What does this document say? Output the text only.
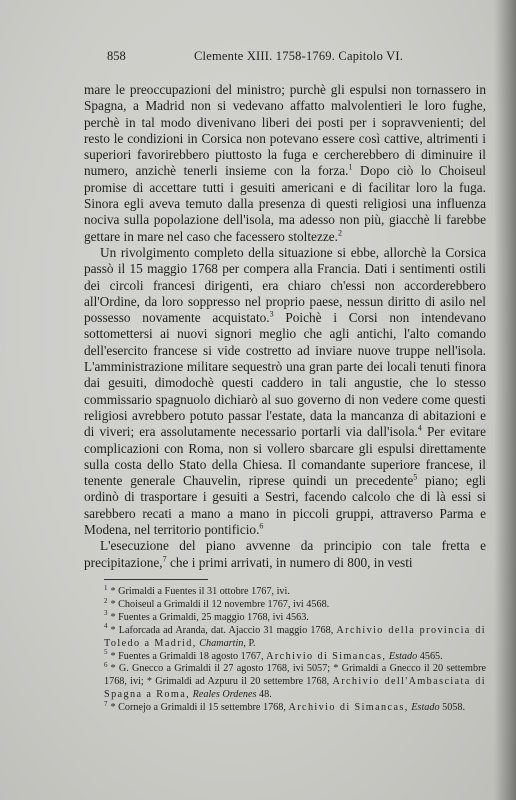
858	Clemente XIII. 1758-1769. Capitolo VI.

mare le preoccupazioni del ministro; purchè gli espulsi non tornassero in Spagna, a Madrid non si vedevano affatto malvolentieri le loro fughe, perchè in tal modo divenivano liberi dei posti per i sopravvenienti; del resto le condizioni in Corsica non potevano essere così cattive, altrimenti i superiori favorirebbero piuttosto la fuga e cercherebbero di diminuire il numero, anzichè tenerli insieme con la forza.$^1$ Dopo ciò lo Choiseul promise di accettare tutti i gesuiti americani e di facilitar loro la fuga. Sinora egli aveva temuto dalla presenza di questi religiosi una influenza nociva sulla popolazione dell'isola, ma adesso non più, giacchè li farebbe gettare in mare nel caso che facessero stoltezze.$^2$

Un rivolgimento completo della situazione si ebbe, allorchè la Corsica passò il 15 maggio 1768 per compera alla Francia. Dati i sentimenti ostili dei circoli francesi dirigenti, era chiaro ch'essi non accorderebbero all'Ordine, da loro soppresso nel proprio paese, nessun diritto di asilo nel possesso novamente acquistato.$^3$ Poichè i Corsi non intendevano sottomettersi ai nuovi signori meglio che agli antichi, l'alto comando dell'esercito francese si vide costretto ad inviare nuove truppe nell'isola. L'amministrazione militare sequestrò una gran parte dei locali tenuti finora dai gesuiti, dimodochè questi caddero in tali angustie, che lo stesso commissario spagnuolo dichiarò al suo governo di non vedere come questi religiosi avrebbero potuto passar l'estate, data la mancanza di abitazioni e di viveri; era assolutamente necessario portarli via dall'isola.$^4$ Per evitare complicazioni con Roma, non si vollero sbarcare gli espulsi direttamente sulla costa dello Stato della Chiesa. Il comandante superiore francese, il tenente generale Chauvelin, riprese quindi un precedente$^5$ piano; egli ordinò di trasportare i gesuiti a Sestri, facendo calcolo che di là essi si sarebbero recati a mano a mano in piccoli gruppi, attraverso Parma e Modena, nel territorio pontificio.$^6$

L'esecuzione del piano avvenne da principio con tale fretta e precipitazione,$^7$ che i primi arrivati, in numero di 800, in vesti

$^1$ * Grimaldi a Fuentes il 31 ottobre 1767, ivi.

$^2$ * Choiseul a Grimaldi il 12 novembre 1767, ivi 4568.

$^3$ * Fuentes a Grimaldi, 25 maggio 1768, ivi 4563.

$^4$ * Laforcada ad Aranda, dat. Ajaccio 31 maggio 1768, Archivio della provincia di Toledo a Madrid, Chamartin, P.

$^5$ * Fuentes a Grimaldi 18 agosto 1767, Archivio di Simancas, Estado 4565.

$^6$ * G. Gnecco a Grimaldi il 27 agosto 1768, ivi 5057; * Grimaldi a Gnecco il 20 settembre 1768, ivi; * Grimaldi ad Azpuru il 20 settembre 1768, Archivio dell'Ambasciata di Spagna a Roma, Reales Ordenes 48.

$^7$ * Cornejo a Grimaldi il 15 settembre 1768, Archivio di Simancas, Estado 5058.
